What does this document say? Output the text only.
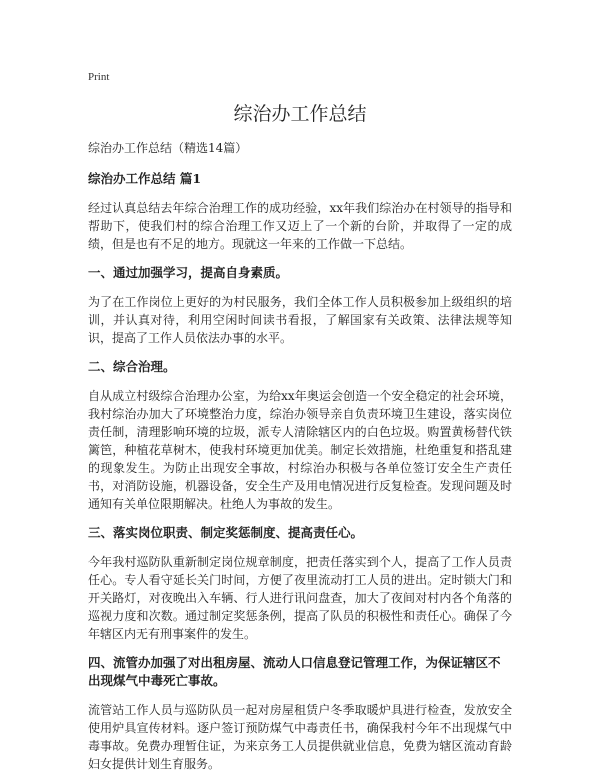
Print
综治办工作总结
综治办工作总结（精选14篇）
综治办工作总结 篇1

经过认真总结去年综合治理工作的成功经验，xx年我们综治办在村领导的指导和帮助下，使我们村的综合治理工作又迈上了一个新的台阶，并取得了一定的成绩，但是也有不足的地方。现就这一年来的工作做一下总结。

一、通过加强学习，提高自身素质。

为了在工作岗位上更好的为村民服务，我们全体工作人员积极参加上级组织的培训，并认真对待，利用空闲时间读书看报，了解国家有关政策、法律法规等知识，提高了工作人员依法办事的水平。

二、综合治理。

自从成立村级综合治理办公室，为给xx年奥运会创造一个安全稳定的社会环境，我村综治办加大了环境整治力度，综治办领导亲自负责环境卫生建设，落实岗位责任制，清理影响环境的垃圾，派专人清除辖区内的白色垃圾。购置黄杨替代铁篱笆，种植花草树木，使我村环境更加优美。制定长效措施，杜绝重复和搭乱建的现象发生。为防止出现安全事故，村综治办积极与各单位签订安全生产责任书，对消防设施，机器设备，安全生产及用电情况进行反复检查。发现问题及时通知有关单位限期解决。杜绝人为事故的发生。

三、落实岗位职责、制定奖惩制度、提高责任心。

今年我村巡防队重新制定岗位规章制度，把责任落实到个人，提高了工作人员责任心。专人看守延长关门时间，方便了夜里流动打工人员的进出。定时锁大门和开关路灯，对夜晚出入车辆、行人进行讯问盘查，加大了夜间对村内各个角落的巡视力度和次数。通过制定奖惩条例，提高了队员的积极性和责任心。确保了今年辖区内无有刑事案件的发生。

四、流管办加强了对出租房屋、流动人口信息登记管理工作，为保证辖区不出现煤气中毒死亡事故。

流管站工作人员与巡防队员一起对房屋租赁户冬季取暖炉具进行检查，发放安全使用炉具宣传材料。逐户签订预防煤气中毒责任书，确保我村今年不出现煤气中毒事故。免费办理暂住证，为来京务工人员提供就业信息，免费为辖区流动育龄妇女提供计划生育服务。
